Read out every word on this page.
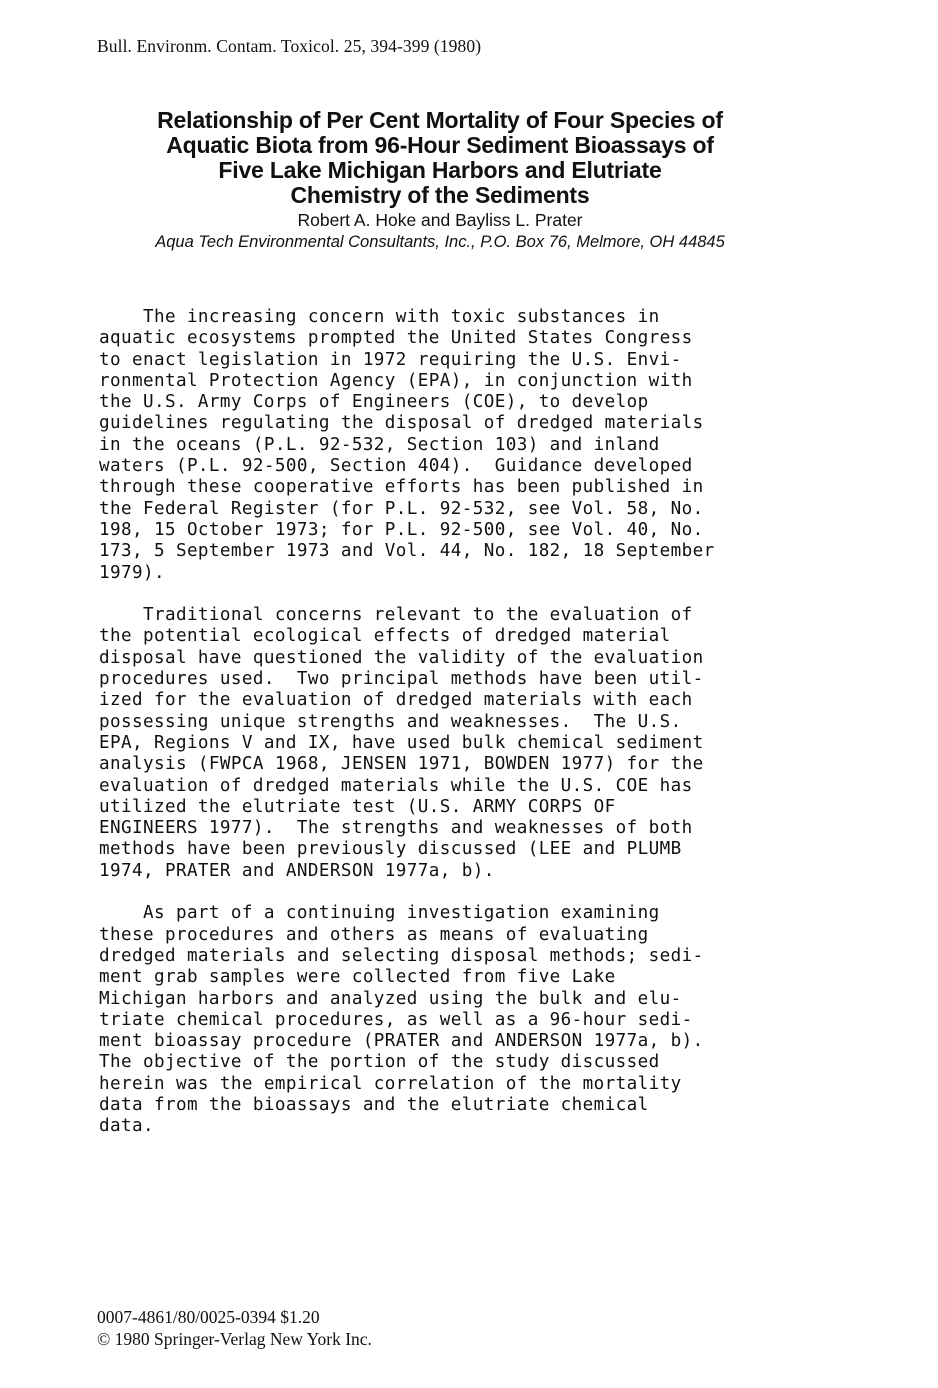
Bull. Environm. Contam. Toxicol. 25, 394-399 (1980)
Relationship of Per Cent Mortality of Four Species of
Aquatic Biota from 96-Hour Sediment Bioassays of
Five Lake Michigan Harbors and Elutriate
Chemistry of the Sediments
Robert A. Hoke and Bayliss L. Prater
Aqua Tech Environmental Consultants, Inc., P.O. Box 76, Melmore, OH 44845
The increasing concern with toxic substances in
aquatic ecosystems prompted the United States Congress
to enact legislation in 1972 requiring the U.S. Envi-
ronmental Protection Agency (EPA), in conjunction with
the U.S. Army Corps of Engineers (COE), to develop
guidelines regulating the disposal of dredged materials
in the oceans (P.L. 92-532, Section 103) and inland
waters (P.L. 92-500, Section 404).  Guidance developed
through these cooperative efforts has been published in
the Federal Register (for P.L. 92-532, see Vol. 58, No.
198, 15 October 1973; for P.L. 92-500, see Vol. 40, No.
173, 5 September 1973 and Vol. 44, No. 182, 18 September
1979).
Traditional concerns relevant to the evaluation of
the potential ecological effects of dredged material
disposal have questioned the validity of the evaluation
procedures used.  Two principal methods have been util-
ized for the evaluation of dredged materials with each
possessing unique strengths and weaknesses.  The U.S.
EPA, Regions V and IX, have used bulk chemical sediment
analysis (FWPCA 1968, JENSEN 1971, BOWDEN 1977) for the
evaluation of dredged materials while the U.S. COE has
utilized the elutriate test (U.S. ARMY CORPS OF
ENGINEERS 1977).  The strengths and weaknesses of both
methods have been previously discussed (LEE and PLUMB
1974, PRATER and ANDERSON 1977a, b).
As part of a continuing investigation examining
these procedures and others as means of evaluating
dredged materials and selecting disposal methods; sedi-
ment grab samples were collected from five Lake
Michigan harbors and analyzed using the bulk and elu-
triate chemical procedures, as well as a 96-hour sedi-
ment bioassay procedure (PRATER and ANDERSON 1977a, b).
The objective of the portion of the study discussed
herein was the empirical correlation of the mortality
data from the bioassays and the elutriate chemical
data.
0007-4861/80/0025-0394 $1.20
© 1980 Springer-Verlag New York Inc.
